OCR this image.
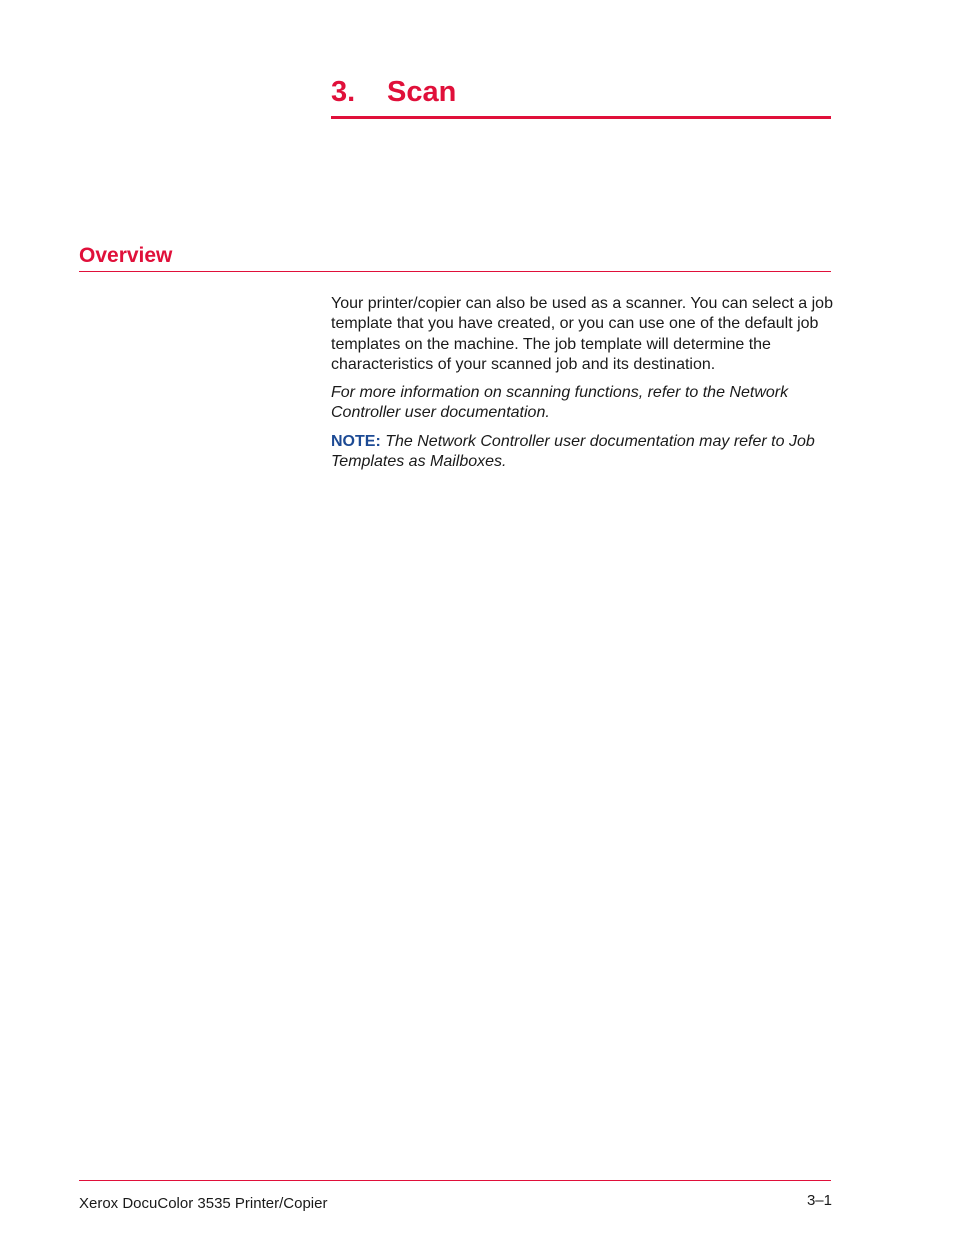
3. Scan
Overview

Your printer/copier can also be used as a scanner. You can select a job template that you have created, or you can use one of the default job templates on the machine. The job template will determine the characteristics of your scanned job and its destination.

For more information on scanning functions, refer to the Network Controller user documentation.

NOTE: The Network Controller user documentation may refer to Job Templates as Mailboxes.

Xerox DocuColor 3535 Printer/Copier	3–1
